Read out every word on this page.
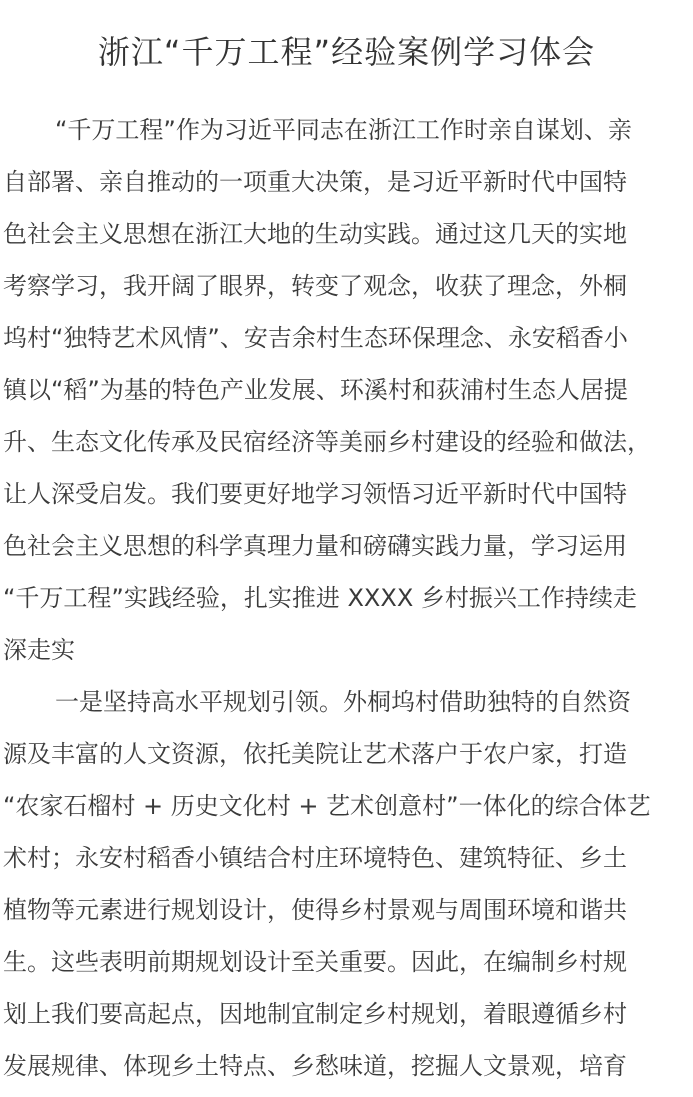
浙江“千万工程”经验案例学习体会
“千万工程”作为习近平同志在浙江工作时亲自谋划、亲
自部署、亲自推动的一项重大决策，是习近平新时代中国特
色社会主义思想在浙江大地的生动实践。通过这几天的实地
考察学习，我开阔了眼界，转变了观念，收获了理念，外桐
坞村“独特艺术风情”、安吉余村生态环保理念、永安稻香小
镇以“稻”为基的特色产业发展、环溪村和荻浦村生态人居提
升、生态文化传承及民宿经济等美丽乡村建设的经验和做法，
让人深受启发。我们要更好地学习领悟习近平新时代中国特
色社会主义思想的科学真理力量和磅礴实践力量，学习运用
“千万工程”实践经验，扎实推进 XXXX 乡村振兴工作持续走
深走实
一是坚持高水平规划引领。外桐坞村借助独特的自然资
源及丰富的人文资源，依托美院让艺术落户于农户家，打造
“农家石榴村 + 历史文化村 + 艺术创意村”一体化的综合体艺
术村；永安村稻香小镇结合村庄环境特色、建筑特征、乡土
植物等元素进行规划设计，使得乡村景观与周围环境和谐共
生。这些表明前期规划设计至关重要。因此，在编制乡村规
划上我们要高起点，因地制宜制定乡村规划，着眼遵循乡村
发展规律、体现乡土特点、乡愁味道，挖掘人文景观，培育
